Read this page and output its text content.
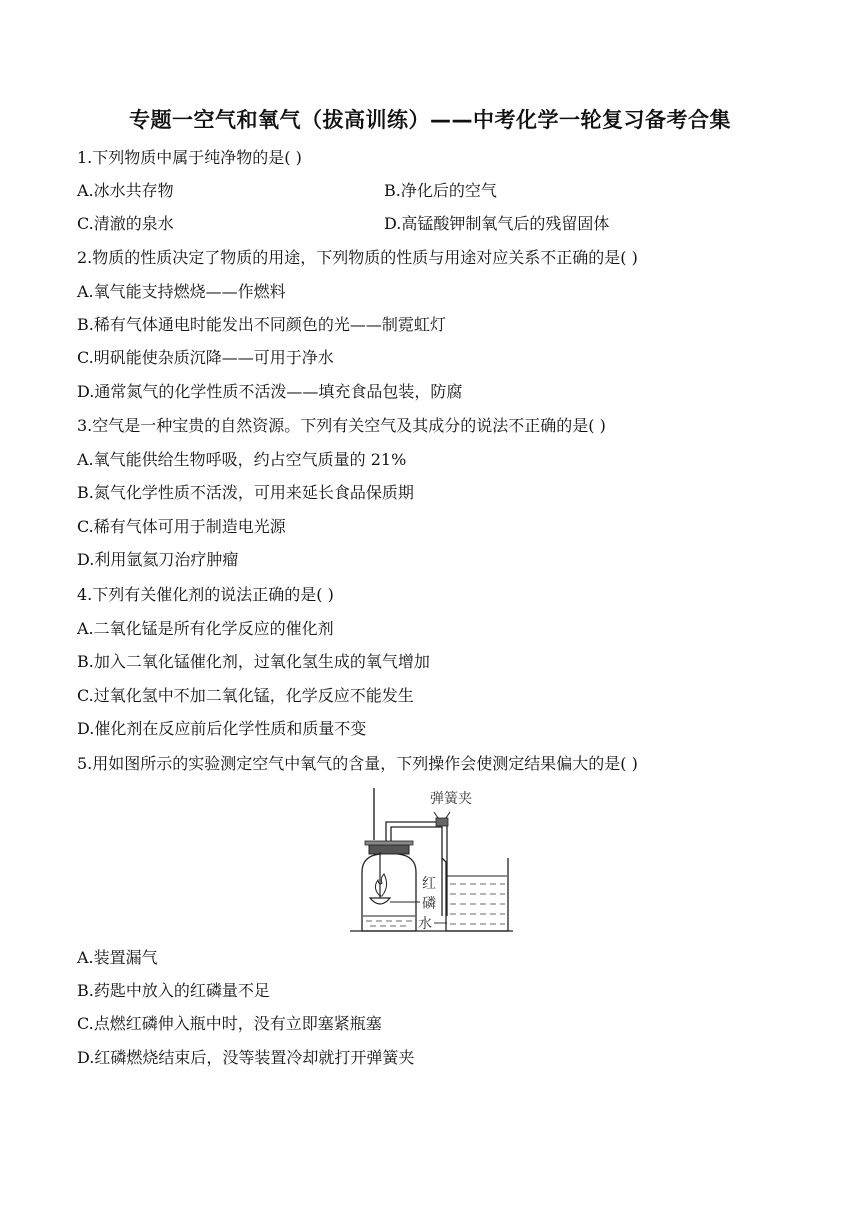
专题一空气和氧气（拔高训练）——中考化学一轮复习备考合集
1.下列物质中属于纯净物的是( )
A.冰水共存物	B.净化后的空气
C.清澈的泉水	D.高锰酸钾制氧气后的残留固体
2.物质的性质决定了物质的用途，下列物质的性质与用途对应关系不正确的是( )
A.氧气能支持燃烧——作燃料
B.稀有气体通电时能发出不同颜色的光——制霓虹灯
C.明矾能使杂质沉降——可用于净水
D.通常氮气的化学性质不活泼——填充食品包装，防腐
3.空气是一种宝贵的自然资源。下列有关空气及其成分的说法不正确的是( )
A.氧气能供给生物呼吸，约占空气质量的 21%
B.氮气化学性质不活泼，可用来延长食品保质期
C.稀有气体可用于制造电光源
D.利用氩氦刀治疗肿瘤
4.下列有关催化剂的说法正确的是( )
A.二氧化锰是所有化学反应的催化剂
B.加入二氧化锰催化剂，过氧化氢生成的氧气增加
C.过氧化氢中不加二氧化锰，化学反应不能发生
D.催化剂在反应前后化学性质和质量不变
5.用如图所示的实验测定空气中氧气的含量，下列操作会使测定结果偏大的是( )
弹簧夹
红
磷
水
A.装置漏气
B.药匙中放入的红磷量不足
C.点燃红磷伸入瓶中时，没有立即塞紧瓶塞
D.红磷燃烧结束后，没等装置冷却就打开弹簧夹
